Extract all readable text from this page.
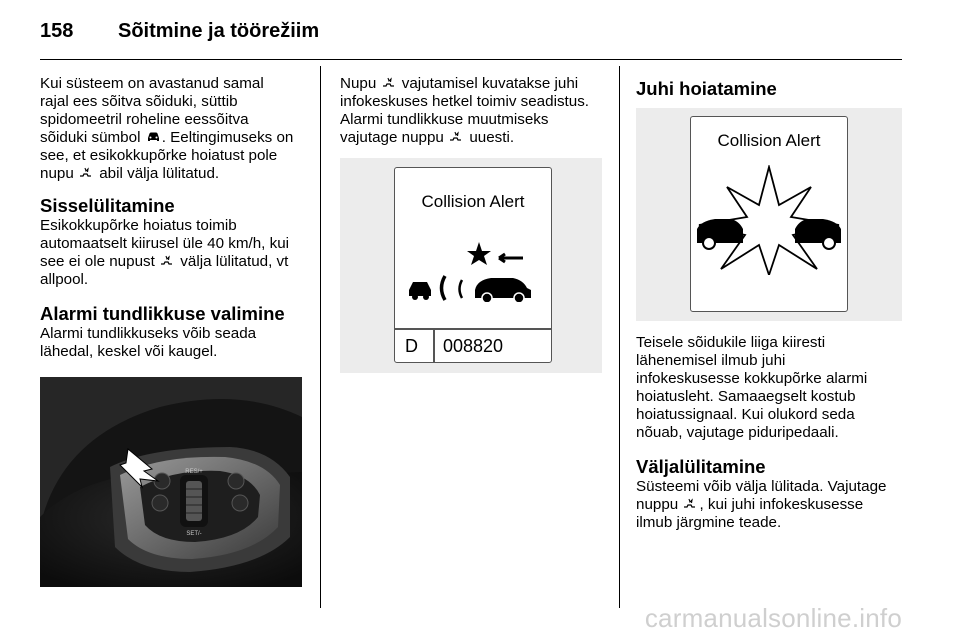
158	Sõitmine ja töörežiim
Kui süsteem on avastanud samal
rajal ees sõitva sõiduki, süttib
spidomeetril roheline eessõitva
sõiduki sümbol . Eeltingimuseks on
see, et esikokkupõrke hoiatust pole
nupu  abil välja lülitatud.
Sisselülitamine
Esikokkupõrke hoiatus toimib
automaatselt kiirusel üle 40 km/h, kui
see ei ole nupust  välja lülitatud, vt
allpool.
Alarmi tundlikkuse valimine
Alarmi tundlikkuseks võib seada
lähedal, keskel või kaugel.
RES/+
SET/-
Nupu  vajutamisel kuvatakse juhi
infokeskuses hetkel toimiv seadistus.
Alarmi tundlikkuse muutmiseks
vajutage nuppu  uuesti.
Collision Alert
D 008820
Juhi hoiatamine
Collision Alert
Teisele sõidukile liiga kiiresti
lähenemisel ilmub juhi
infokeskusesse kokkupõrke alarmi
hoiatusleht. Samaaegselt kostub
hoiatussignaal. Kui olukord seda
nõuab, vajutage piduripedaali.
Väljalülitamine
Süsteemi võib välja lülitada. Vajutage
nuppu , kui juhi infokeskusesse
ilmub järgmine teade.
carmanualsonline.info
